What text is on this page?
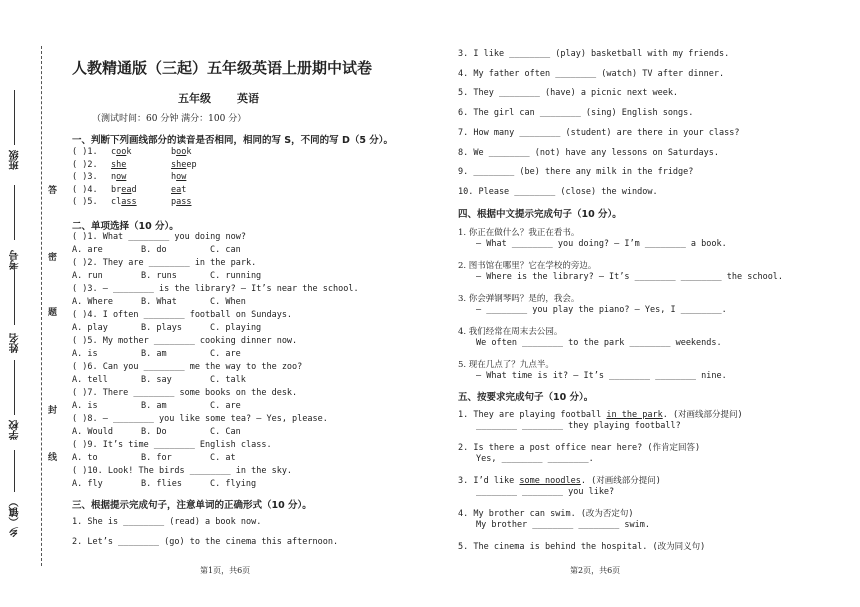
答
密
题
封
线
班级
考号
姓名
学校
乡（镇）
人教精通版（三起）五年级英语上册期中试卷
五年级 英语
（测试时间：60 分钟 满分：100 分）
一、判断下列画线部分的读音是否相同，相同的写 S，不同的写 D（5 分）。
( )1. cook	book
( )2. she	sheep
( )3. now	how
( )4. bread	eat
( )5. class	pass
二、单项选择（10 分）。
( )1. What ________ you doing now?
A. are	B. do	C. can
( )2. They are ________ in the park.
A. run	B. runs	C. running
( )3. — ________ is the library? — It’s near the school.
A. Where	B. What	C. When
( )4. I often ________ football on Sundays.
A. play	B. plays	C. playing
( )5. My mother ________ cooking dinner now.
A. is	B. am	C. are
( )6. Can you ________ me the way to the zoo?
A. tell	B. say	C. talk
( )7. There ________ some books on the desk.
A. is	B. am	C. are
( )8. — ________ you like some tea? — Yes, please.
A. Would	B. Do	C. Can
( )9. It’s time ________ English class.
A. to	B. for	C. at
( )10. Look! The birds ________ in the sky.
A. fly	B. flies	C. flying
三、根据提示完成句子，注意单词的正确形式（10 分）。
1. She is ________ (read) a book now.
2. Let’s ________ (go) to the cinema this afternoon.
第1页，共6页
3. I like ________ (play) basketball with my friends.
4. My father often ________ (watch) TV after dinner.
5. They ________ (have) a picnic next week.
6. The girl can ________ (sing) English songs.
7. How many ________ (student) are there in your class?
8. We ________ (not) have any lessons on Saturdays.
9. ________ (be) there any milk in the fridge?
10. Please ________ (close) the window.
四、根据中文提示完成句子（10 分）。
1. 你正在做什么？我正在看书。
— What ________ you doing? — I’m ________ a book.
2. 图书馆在哪里？它在学校的旁边。
— Where is the library? — It’s ________ ________ the school.
3. 你会弹钢琴吗？是的，我会。
— ________ you play the piano? — Yes, I ________.
4. 我们经常在周末去公园。
We often ________ to the park ________ weekends.
5. 现在几点了？九点半。
— What time is it? — It’s ________ ________ nine.
五、按要求完成句子（10 分）。
1. They are playing football in the park. (对画线部分提问)
________ ________ they playing football?
2. Is there a post office near here? (作肯定回答)
Yes, ________ ________.
3. I’d like some noodles. (对画线部分提问)
________ ________ you like?
4. My brother can swim. (改为否定句)
My brother ________ ________ swim.
5. The cinema is behind the hospital. (改为同义句)
第2页，共6页
